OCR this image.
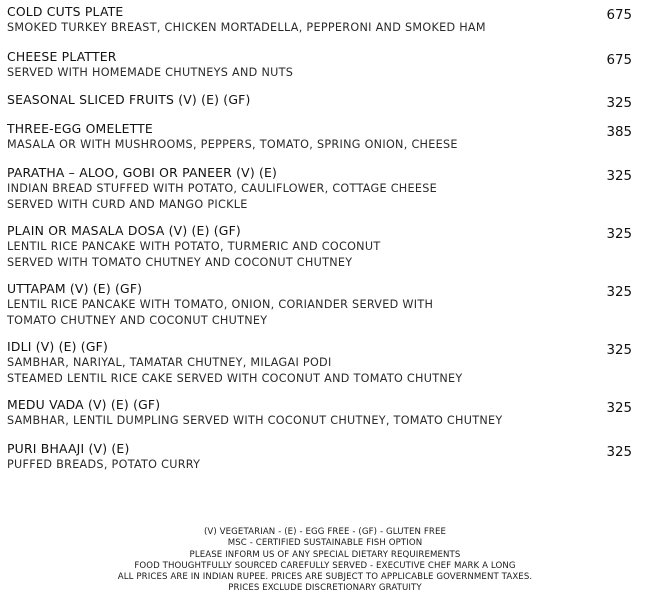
COLD CUTS PLATE
SMOKED TURKEY BREAST, CHICKEN MORTADELLA, PEPPERONI AND SMOKED HAM
CHEESE PLATTER
SERVED WITH HOMEMADE CHUTNEYS AND NUTS
SEASONAL SLICED FRUITS (V) (E) (GF)
THREE-EGG OMELETTE
MASALA OR WITH MUSHROOMS, PEPPERS, TOMATO, SPRING ONION, CHEESE
PARATHA – ALOO, GOBI OR PANEER (V) (E)
INDIAN BREAD STUFFED WITH POTATO, CAULIFLOWER, COTTAGE CHEESE
SERVED WITH CURD AND MANGO PICKLE
PLAIN OR MASALA DOSA (V) (E) (GF)
LENTIL RICE PANCAKE WITH POTATO, TURMERIC AND COCONUT
SERVED WITH TOMATO CHUTNEY AND COCONUT CHUTNEY
UTTAPAM (V) (E) (GF)
LENTIL RICE PANCAKE WITH TOMATO, ONION, CORIANDER SERVED WITH
TOMATO CHUTNEY AND COCONUT CHUTNEY
IDLI (V) (E) (GF)
SAMBHAR, NARIYAL, TAMATAR CHUTNEY, MILAGAI PODI
STEAMED LENTIL RICE CAKE SERVED WITH COCONUT AND TOMATO CHUTNEY
MEDU VADA (V) (E) (GF)
SAMBHAR, LENTIL DUMPLING SERVED WITH COCONUT CHUTNEY, TOMATO CHUTNEY
PURI BHAAJI (V) (E)
PUFFED BREADS, POTATO CURRY
675
675
325
385
325
325
325
325
325
325
(V) VEGETARIAN - (E) - EGG FREE - (GF) - GLUTEN FREE
MSC - CERTIFIED SUSTAINABLE FISH OPTION
PLEASE INFORM US OF ANY SPECIAL DIETARY REQUIREMENTS
FOOD THOUGHTFULLY SOURCED CAREFULLY SERVED - EXECUTIVE CHEF MARK A LONG
ALL PRICES ARE IN INDIAN RUPEE. PRICES ARE SUBJECT TO APPLICABLE GOVERNMENT TAXES.
PRICES EXCLUDE DISCRETIONARY GRATUITY
